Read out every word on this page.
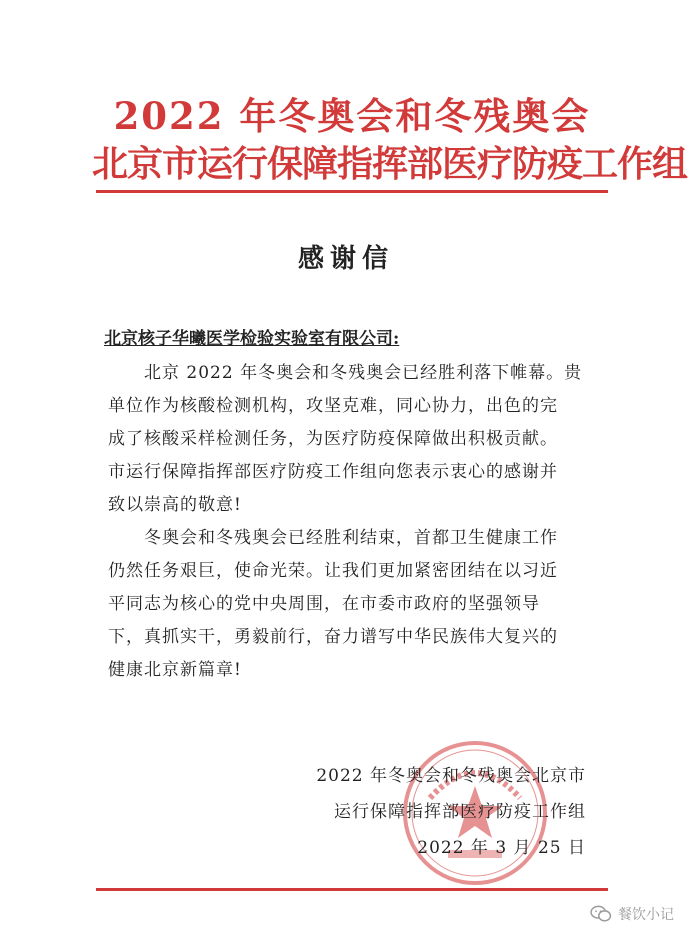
2022 年冬奥会和冬残奥会
北京市运行保障指挥部医疗防疫工作组
感谢信
北京核子华曦医学检验实验室有限公司:
北京 2022 年冬奥会和冬残奥会已经胜利落下帷幕。贵
单位作为核酸检测机构，攻坚克难，同心协力，出色的完
成了核酸采样检测任务，为医疗防疫保障做出积极贡献。
市运行保障指挥部医疗防疫工作组向您表示衷心的感谢并
致以崇高的敬意!
冬奥会和冬残奥会已经胜利结束，首都卫生健康工作
仍然任务艰巨，使命光荣。让我们更加紧密团结在以习近
平同志为核心的党中央周围，在市委市政府的坚强领导
下，真抓实干，勇毅前行，奋力谱写中华民族伟大复兴的
健康北京新篇章!
2022 年冬奥会和冬残奥会北京市
运行保障指挥部医疗防疫工作组
2022 年 3 月 25 日
餐饮小记
